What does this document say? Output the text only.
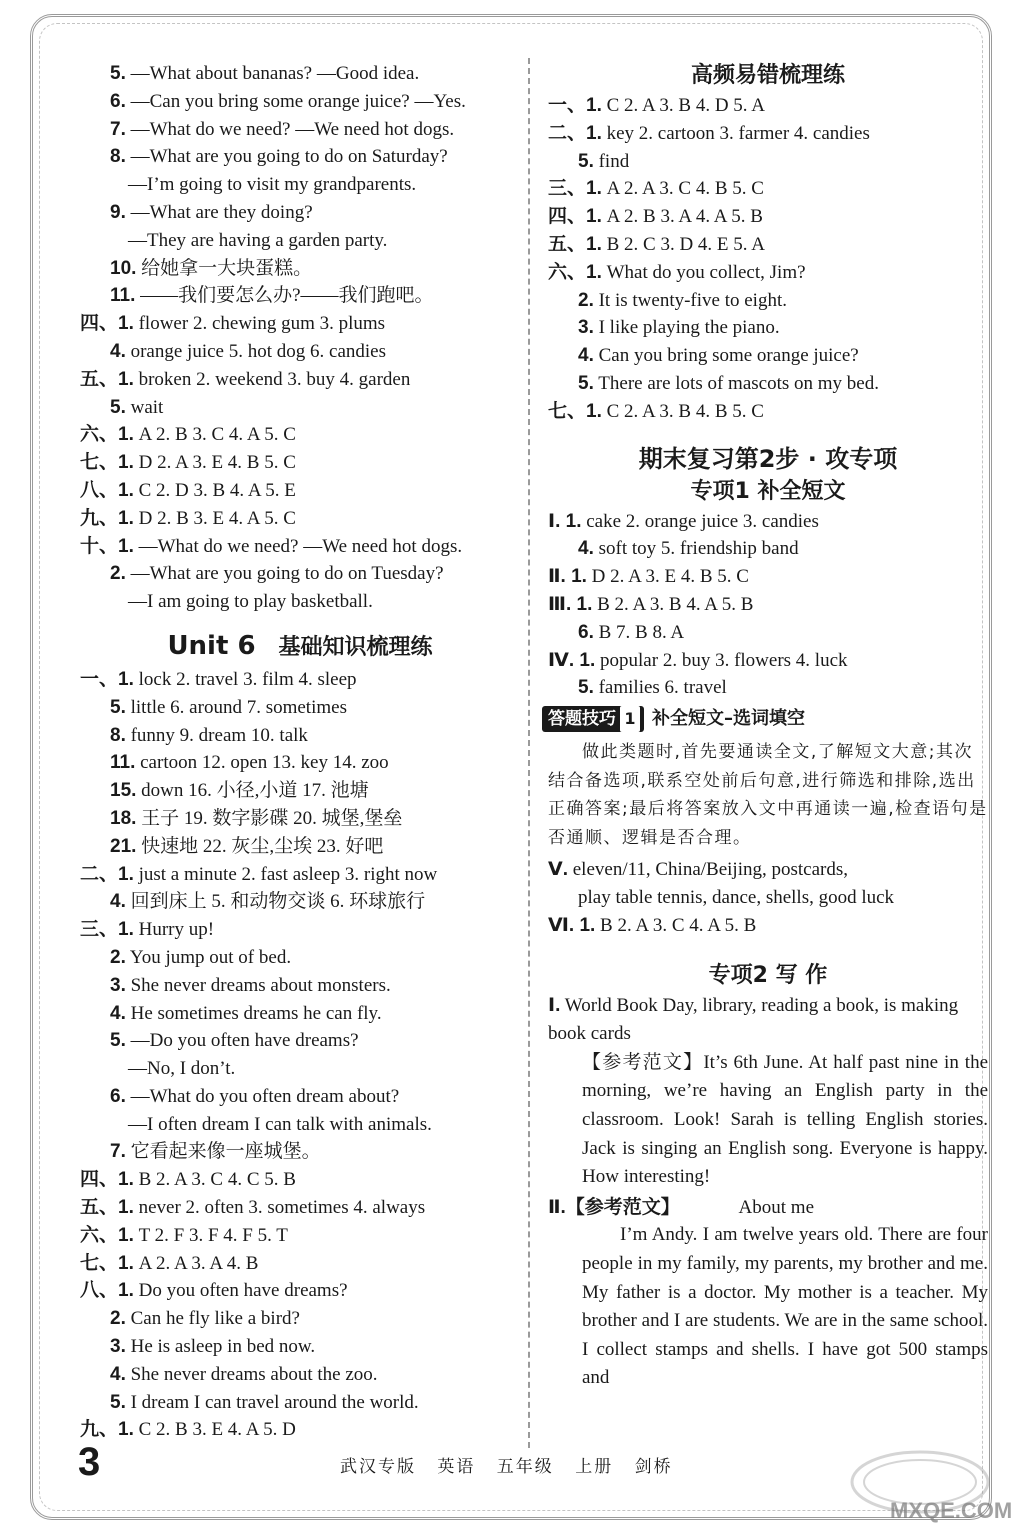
5. —What about bananas? —Good idea.
6. —Can you bring some orange juice? —Yes.
7. —What do we need? —We need hot dogs.
8. —What are you going to do on Saturday?
—I’m going to visit my grandparents.
9. —What are they doing?
—They are having a garden party.
10. 给她拿一大块蛋糕。
11. ——我们要怎么办?——我们跑吧。
四、1. flower 2. chewing gum 3. plums
4. orange juice 5. hot dog 6. candies
五、1. broken 2. weekend 3. buy 4. garden
5. wait
六、1. A 2. B 3. C 4. A 5. C
七、1. D 2. A 3. E 4. B 5. C
八、1. C 2. D 3. B 4. A 5. E
九、1. D 2. B 3. E 4. A 5. C
十、1. —What do we need? —We need hot dogs.
2. —What are you going to do on Tuesday?
—I am going to play basketball.
Unit 6 基础知识梳理练
一、1. lock 2. travel 3. film 4. sleep
5. little 6. around 7. sometimes
8. funny 9. dream 10. talk
11. cartoon 12. open 13. key 14. zoo
15. down 16. 小径,小道 17. 池塘
18. 王子 19. 数字影碟 20. 城堡,堡垒
21. 快速地 22. 灰尘,尘埃 23. 好吧
二、1. just a minute 2. fast asleep 3. right now
4. 回到床上 5. 和动物交谈 6. 环球旅行
三、1. Hurry up!
2. You jump out of bed.
3. She never dreams about monsters.
4. He sometimes dreams he can fly.
5. —Do you often have dreams?
—No, I don’t.
6. —What do you often dream about?
—I often dream I can talk with animals.
7. 它看起来像一座城堡。
四、1. B 2. A 3. C 4. C 5. B
五、1. never 2. often 3. sometimes 4. always
六、1. T 2. F 3. F 4. F 5. T
七、1. A 2. A 3. A 4. B
八、1. Do you often have dreams?
2. Can he fly like a bird?
3. He is asleep in bed now.
4. She never dreams about the zoo.
5. I dream I can travel around the world.
九、1. C 2. B 3. E 4. A 5. D
高频易错梳理练
一、1. C 2. A 3. B 4. D 5. A
二、1. key 2. cartoon 3. farmer 4. candies
5. find
三、1. A 2. A 3. C 4. B 5. C
四、1. A 2. B 3. A 4. A 5. B
五、1. B 2. C 3. D 4. E 5. A
六、1. What do you collect, Jim?
2. It is twenty-five to eight.
3. I like playing the piano.
4. Can you bring some orange juice?
5. There are lots of mascots on my bed.
七、1. C 2. A 3. B 4. B 5. C
期末复习第2步 · 攻专项
专项1 补全短文
Ⅰ. 1. cake 2. orange juice 3. candies
4. soft toy 5. friendship band
Ⅱ. 1. D 2. A 3. E 4. B 5. C
Ⅲ. 1. B 2. A 3. B 4. A 5. B
6. B 7. B 8. A
Ⅳ. 1. popular 2. buy 3. flowers 4. luck
5. families 6. travel
答题技巧 1 补全短文–选词填空
做此类题时,首先要通读全文,了解短文大意;其次结合备选项,联系空处前后句意,进行筛选和排除,选出正确答案;最后将答案放入文中再通读一遍,检查语句是否通顺、逻辑是否合理。
Ⅴ. eleven/11, China/Beijing, postcards,
play table tennis, dance, shells, good luck
Ⅵ. 1. B 2. A 3. C 4. A 5. B
专项2 写 作
Ⅰ. World Book Day, library, reading a book, is making book cards
【参考范文】It’s 6th June. At half past nine in the morning, we’re having an English party in the classroom. Look! Sarah is telling English stories. Jack is singing an English song. Everyone is happy. How interesting!
Ⅱ.【参考范文】	About me
I’m Andy. I am twelve years old. There are four people in my family, my parents, my brother and me. My father is a doctor. My mother is a teacher. My brother and I are students. We are in the same school. I collect stamps and shells. I have got 500 stamps and
3	武汉专版 英语 五年级 上册 剑桥
MXQE.COM
